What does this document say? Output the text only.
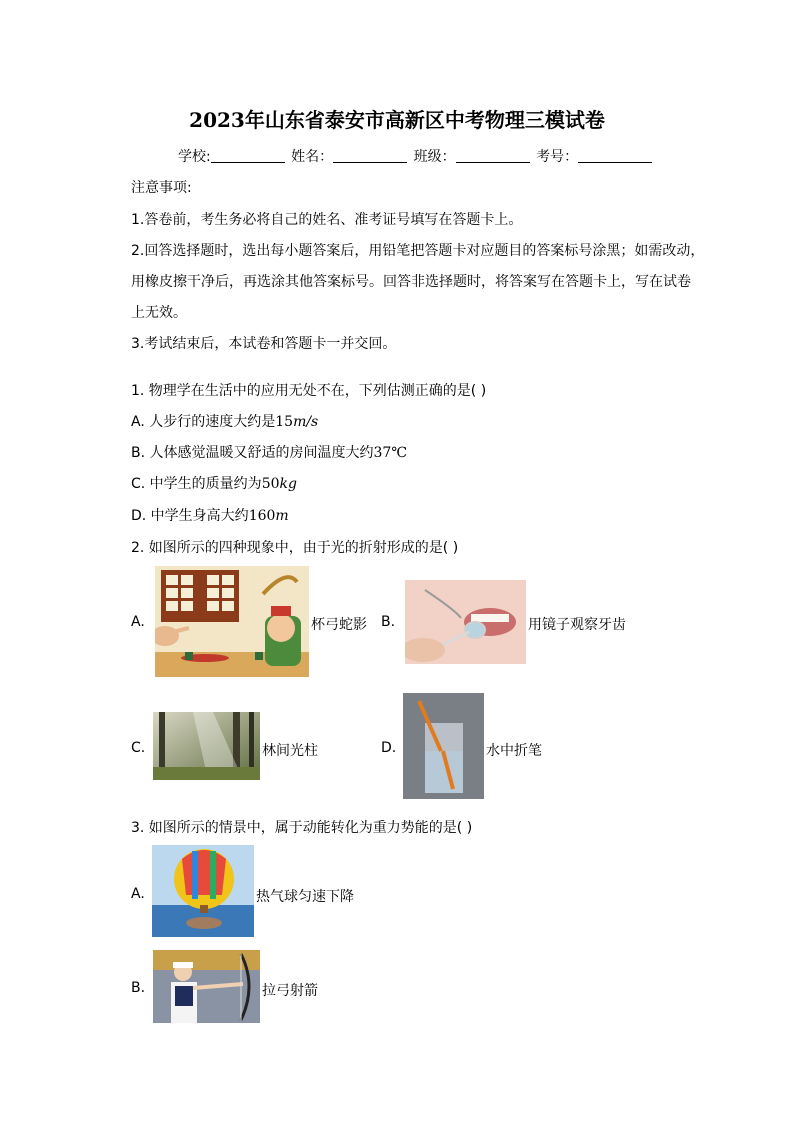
2023年山东省泰安市高新区中考物理三模试卷
学校:	姓名：	班级：	考号：
注意事项:
1.答卷前，考生务必将自己的姓名、准考证号填写在答题卡上。
2.回答选择题时，选出每小题答案后，用铅笔把答题卡对应题目的答案标号涂黑；如需改动，
用橡皮擦干净后，再选涂其他答案标号。回答非选择题时，将答案写在答题卡上，写在试卷
上无效。
3.考试结束后，本试卷和答题卡一并交回。
1. 物理学在生活中的应用无处不在，下列估测正确的是( )
A. 人步行的速度大约是15m/s
B. 人体感觉温暖又舒适的房间温度大约37℃
C. 中学生的质量约为50kg
D. 中学生身高大约160m
2. 如图所示的四种现象中，由于光的折射形成的是( )
A.	杯弓蛇影 B.	用镜子观察牙齿
C.	林间光柱	D.	水中折笔
3. 如图所示的情景中，属于动能转化为重力势能的是( )
A.	热气球匀速下降
B.	拉弓射箭
